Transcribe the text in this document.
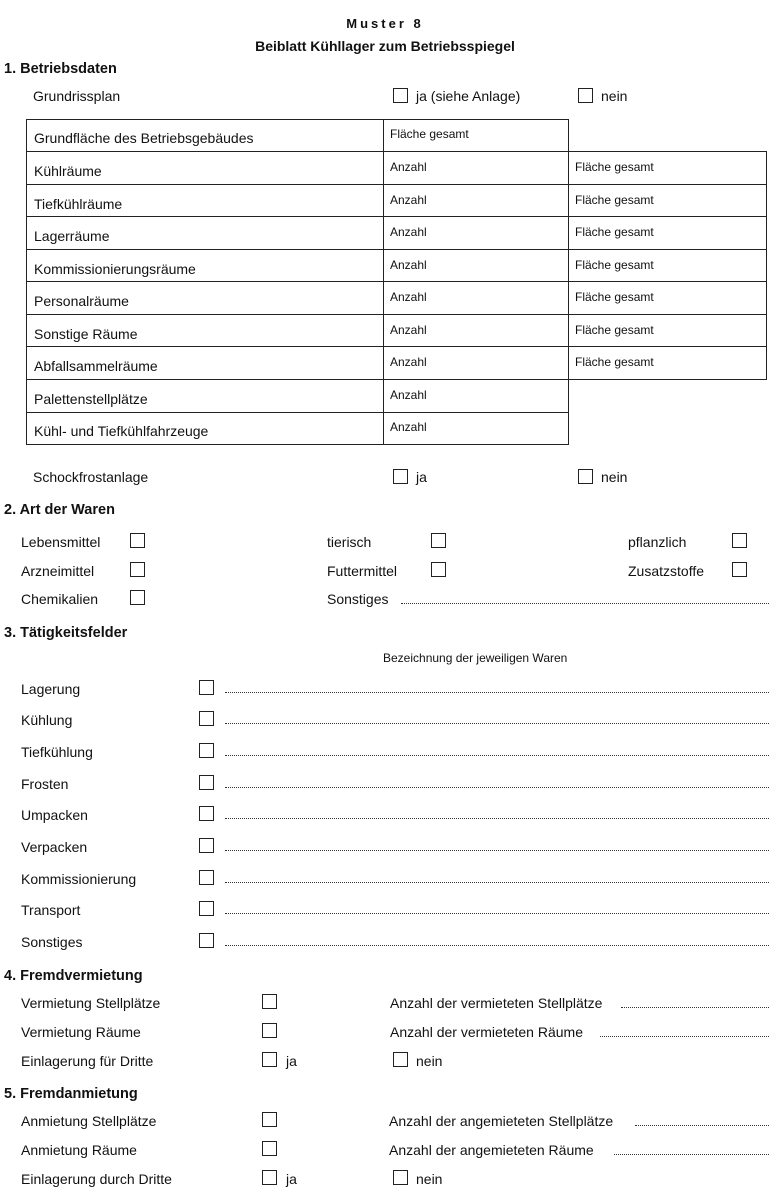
Muster 8
Beiblatt Kühllager zum Betriebsspiegel
1. Betriebsdaten
Grundrissplan	ja (siehe Anlage)	nein
Grundfläche des Betriebsgebäudes	Fläche gesamt
Kühlräume	Anzahl	Fläche gesamt
Tiefkühlräume	Anzahl	Fläche gesamt
Lagerräume	Anzahl	Fläche gesamt
Kommissionierungsräume	Anzahl	Fläche gesamt
Personalräume	Anzahl	Fläche gesamt
Sonstige Räume	Anzahl	Fläche gesamt
Abfallsammelräume	Anzahl	Fläche gesamt
Palettenstellplätze	Anzahl
Kühl- und Tiefkühlfahrzeuge	Anzahl
Schockfrostanlage	ja	nein
2. Art der Waren
Lebensmittel	tierisch	pflanzlich
Arzneimittel	Futtermittel	Zusatzstoffe
Chemikalien	Sonstiges
3. Tätigkeitsfelder
Bezeichnung der jeweiligen Waren
Lagerung
Kühlung
Tiefkühlung
Frosten
Umpacken
Verpacken
Kommissionierung
Transport
Sonstiges
4. Fremdvermietung
Vermietung Stellplätze	Anzahl der vermieteten Stellplätze
Vermietung Räume	Anzahl der vermieteten Räume
Einlagerung für Dritte	ja	nein
5. Fremdanmietung
Anmietung Stellplätze	Anzahl der angemieteten Stellplätze
Anmietung Räume	Anzahl der angemieteten Räume
Einlagerung durch Dritte	ja	nein
